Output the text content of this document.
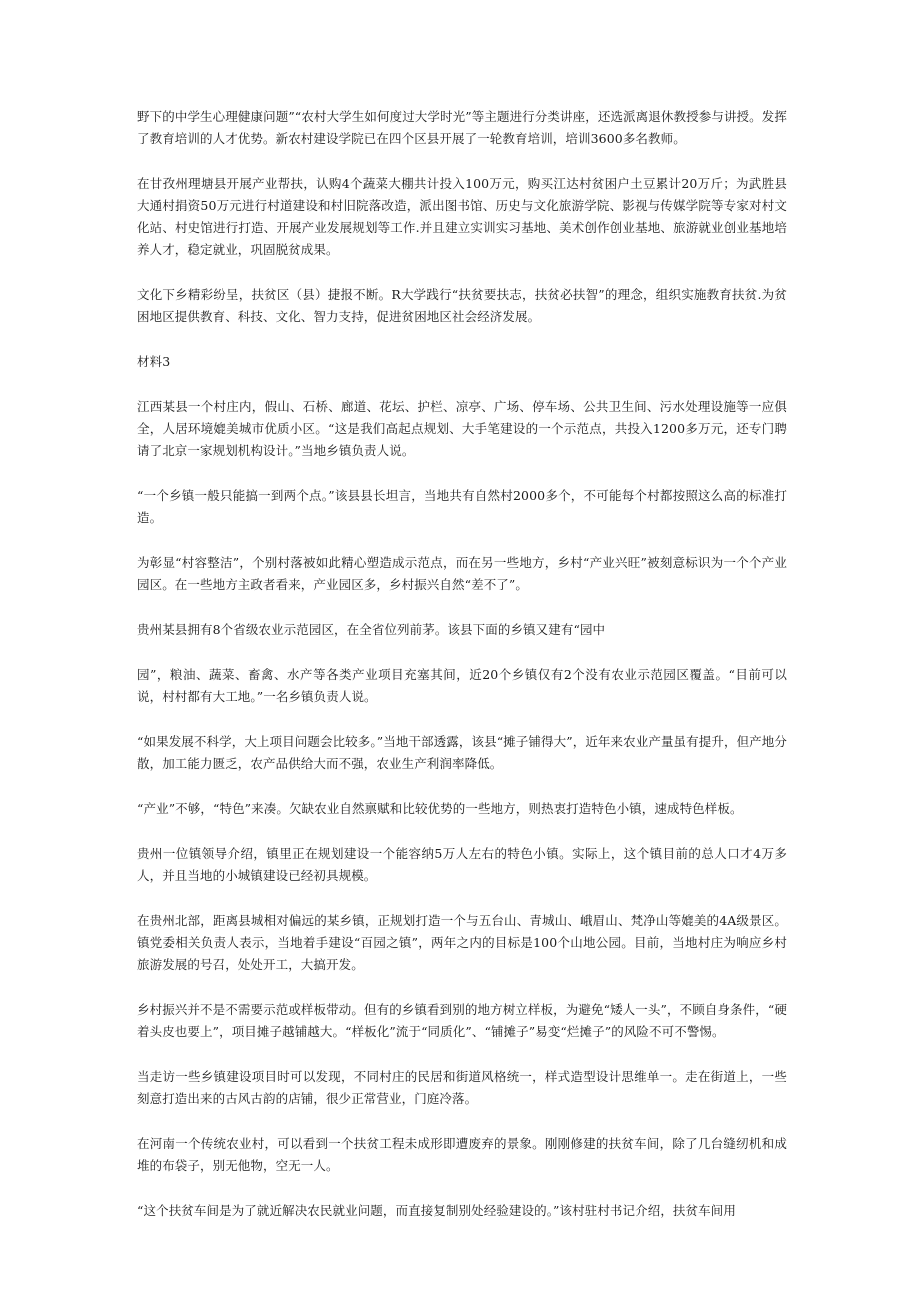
野下的中学生心理健康问题”“农村大学生如何度过大学时光”等主题进行分类讲座，还选派离退休教授参与讲授。发挥了教育培训的人才优势。新农村建设学院已在四个区县开展了一轮教育培训，培训3600多名教师。

在甘孜州理塘县开展产业帮扶，认购4个蔬菜大棚共计投入100万元，购买江达村贫困户土豆累计20万斤；为武胜县大通村捐资50万元进行村道建设和村旧院落改造，派出图书馆、历史与文化旅游学院、影视与传媒学院等专家对村文化站、村史馆进行打造、开展产业发展规划等工作.并且建立实训实习基地、美术创作创业基地、旅游就业创业基地培养人才，稳定就业，巩固脱贫成果。

文化下乡精彩纷呈，扶贫区（县）捷报不断。R大学践行“扶贫要扶志，扶贫必扶智”的理念，组织实施教育扶贫.为贫困地区提供教育、科技、文化、智力支持，促进贫困地区社会经济发展。

材料3

江西某县一个村庄内，假山、石桥、廊道、花坛、护栏、凉亭、广场、停车场、公共卫生间、污水处理设施等一应俱全，人居环境媲美城市优质小区。“这是我们高起点规划、大手笔建设的一个示范点，共投入1200多万元，还专门聘请了北京一家规划机构设计。”当地乡镇负责人说。

“一个乡镇一般只能搞一到两个点。”该县县长坦言，当地共有自然村2000多个，不可能每个村都按照这么高的标准打造。

为彰显“村容整洁”，个别村落被如此精心塑造成示范点，而在另一些地方，乡村“产业兴旺”被刻意标识为一个个产业园区。在一些地方主政者看来，产业园区多，乡村振兴自然“差不了”。

贵州某县拥有8个省级农业示范园区，在全省位列前茅。该县下面的乡镇又建有“园中

园”，粮油、蔬菜、畜禽、水产等各类产业项目充塞其间，近20个乡镇仅有2个没有农业示范园区覆盖。“目前可以说，村村都有大工地。”一名乡镇负责人说。

“如果发展不科学，大上项目问题会比较多。”当地干部透露，该县“摊子铺得大”，近年来农业产量虽有提升，但产地分散，加工能力匮乏，农产品供给大而不强，农业生产利润率降低。

“产业”不够，“特色”来凑。欠缺农业自然禀赋和比较优势的一些地方，则热衷打造特色小镇，速成特色样板。

贵州一位镇领导介绍，镇里正在规划建设一个能容纳5万人左右的特色小镇。实际上，这个镇目前的总人口才4万多人，并且当地的小城镇建设已经初具规模。

在贵州北部，距离县城相对偏远的某乡镇，正规划打造一个与五台山、青城山、峨眉山、梵净山等媲美的4A级景区。镇党委相关负责人表示，当地着手建设“百园之镇”，两年之内的目标是100个山地公园。目前，当地村庄为响应乡村旅游发展的号召，处处开工，大搞开发。

乡村振兴并不是不需要示范或样板带动。但有的乡镇看到别的地方树立样板，为避免“矮人一头”，不顾自身条件，“硬着头皮也要上”，项目摊子越铺越大。“样板化”流于“同质化”、“铺摊子”易变“烂摊子”的风险不可不警惕。

当走访一些乡镇建设项目时可以发现，不同村庄的民居和街道风格统一，样式造型设计思维单一。走在街道上，一些刻意打造出来的古风古韵的店铺，很少正常营业，门庭冷落。

在河南一个传统农业村，可以看到一个扶贫工程未成形即遭废弃的景象。刚刚修建的扶贫车间，除了几台缝纫机和成堆的布袋子，别无他物，空无一人。

“这个扶贫车间是为了就近解决农民就业问题，而直接复制别处经验建设的。”该村驻村书记介绍，扶贫车间用
